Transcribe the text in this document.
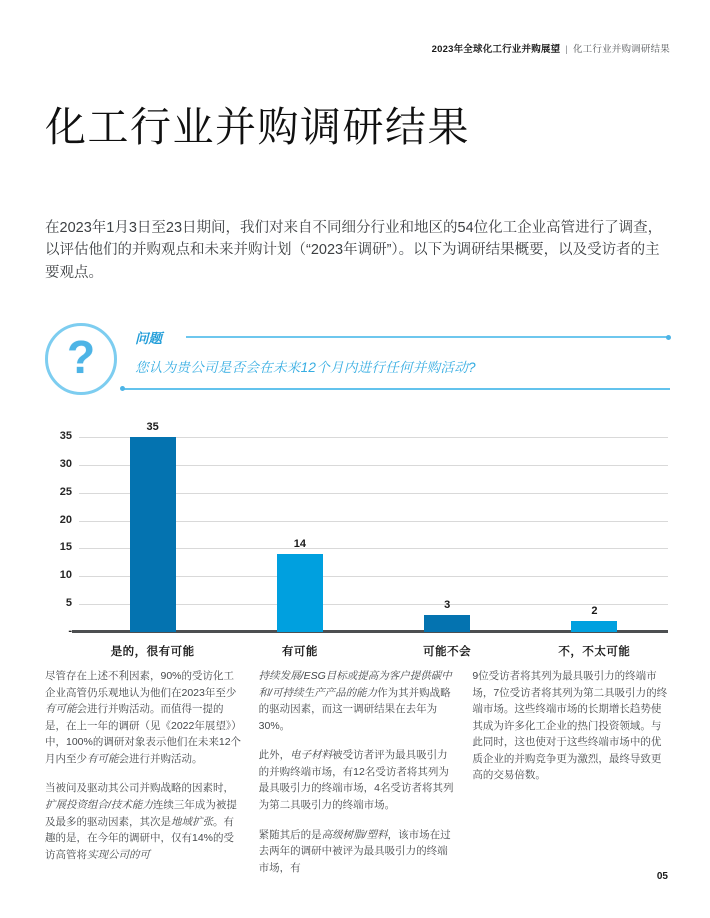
2023年全球化工行业并购展望 | 化工行业并购调研结果
化工行业并购调研结果

在2023年1月3日至23日期间，我们对来自不同细分行业和地区的54位化工企业高管进行了调查，以评估他们的并购观点和未来并购计划（“2023年调研”）。以下为调研结果概要，以及受访者的主要观点。

?	问题
您认为贵公司是否会在未来12个月内进行任何并购活动?
35
30
25
20
15
10
5
-
35
14
3	2
是的，很有可能	有可能	可能不会	不，不太可能

尽管存在上述不利因素，90%的受访化工企业高管仍乐观地认为他们在2023年至少有可能会进行并购活动。而值得一提的是，在上一年的调研（见《2022年展望》）中，100%的调研对象表示他们在未来12个月内至少有可能会进行并购活动。

当被问及驱动其公司并购战略的因素时，扩展投资组合/技术能力连续三年成为被提及最多的驱动因素，其次是地域扩张。有趣的是，在今年的调研中，仅有14%的受访高管将实现公司的可

持续发展/ESG目标或提高为客户提供碳中和/可持续生产产品的能力作为其并购战略的驱动因素，而这一调研结果在去年为30%。

此外，电子材料被受访者评为最具吸引力的并购终端市场，有12名受访者将其列为最具吸引力的终端市场，4名受访者将其列为第二具吸引力的终端市场。

紧随其后的是高级树脂/塑料，该市场在过去两年的调研中被评为最具吸引力的终端市场，有

9位受访者将其列为最具吸引力的终端市场，7位受访者将其列为第二具吸引力的终端市场。这些终端市场的长期增长趋势使其成为许多化工企业的热门投资领域。与此同时，这也使对于这些终端市场中的优质企业的并购竞争更为激烈，最终导致更高的交易倍数。

05
